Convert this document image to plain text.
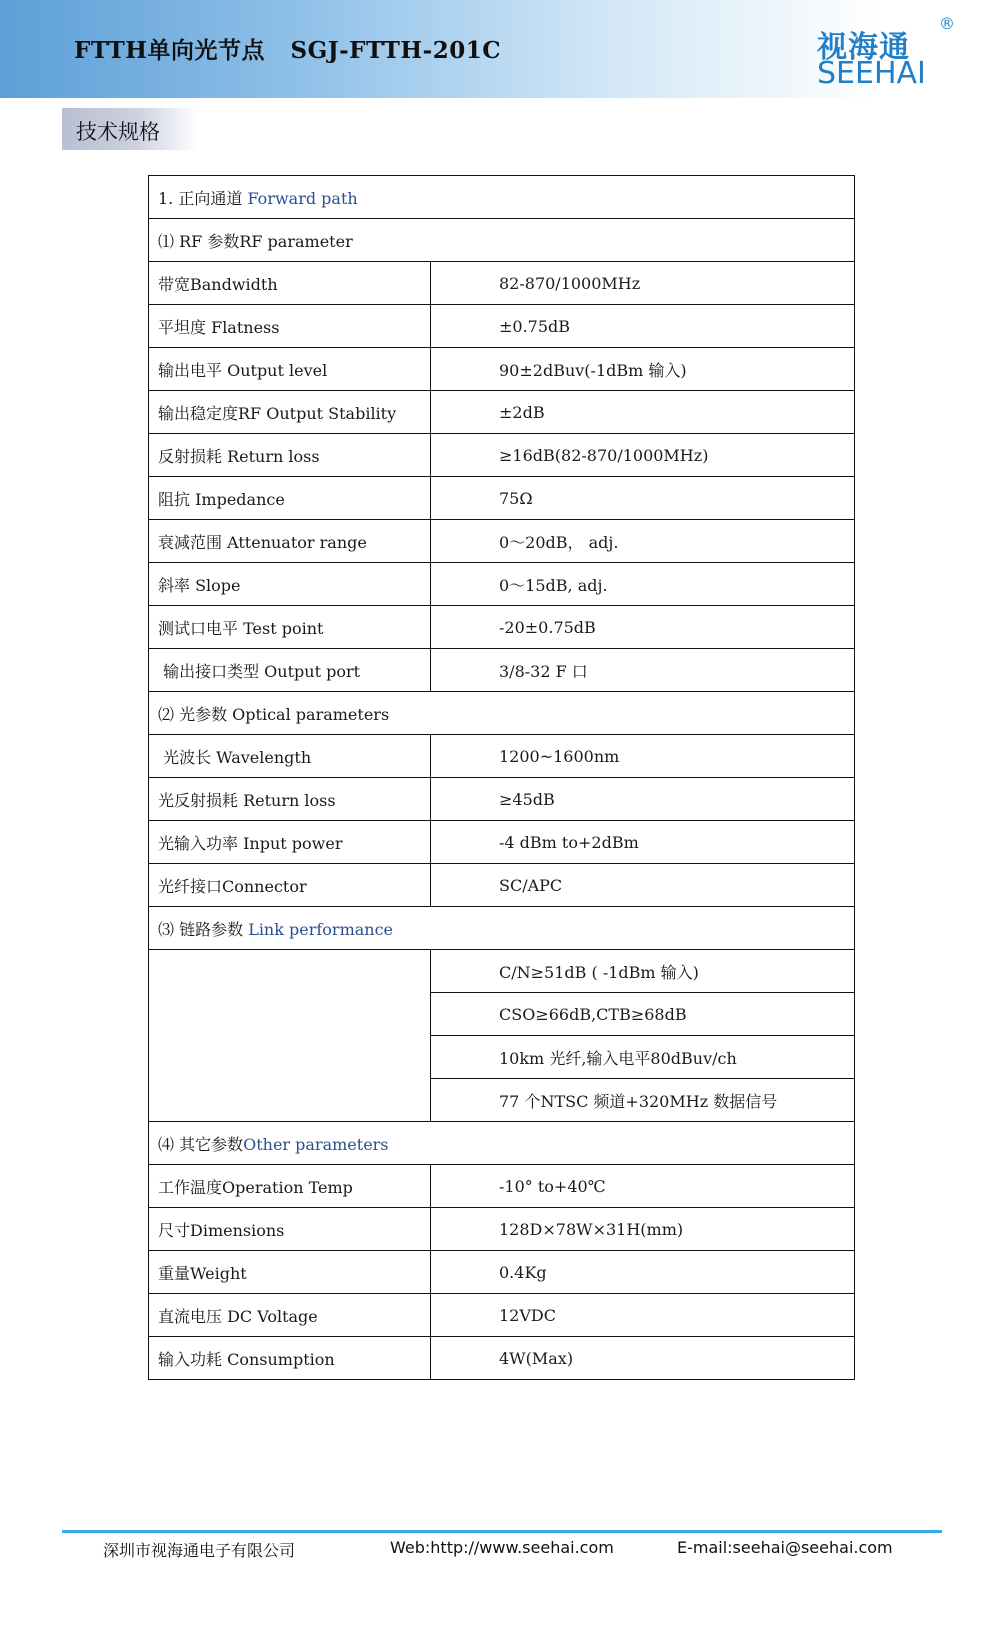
FTTH单向光节点   SGJ-FTTH-201C	视海通
®
SEEHAI
技术规格
1. 正向通道 Forward path	
⑴ RF 参数RF parameter	
带宽Bandwidth	82-870/1000MHz
平坦度 Flatness	±0.75dB
输出电平 Output level	90±2dBuv(-1dBm 输入)
输出稳定度RF Output Stability	±2dB
反射损耗 Return loss	≥16dB(82-870/1000MHz)
阻抗 Impedance	75Ω
衰减范围 Attenuator range	0～20dB， adj.
斜率 Slope	0～15dB, adj.
测试口电平 Test point	-20±0.75dB
输出接口类型 Output port	3/8-32 F 口
⑵ 光参数 Optical parameters	
光波长 Wavelength	1200~1600nm
光反射损耗 Return loss	≥45dB
光输入功率 Input power	-4 dBm to+2dBm
光纤接口Connector	SC/APC
⑶ 链路参数 Link performance	
	C/N≥51dB ( -1dBm 输入)
	CSO≥66dB,CTB≥68dB
	10km 光纤,输入电平80dBuv/ch
	77 个NTSC 频道+320MHz 数据信号
⑷ 其它参数Other parameters	
工作温度Operation Temp	-10° to+40℃
尺寸Dimensions	128D×78W×31H(mm)
重量Weight	0.4Kg
直流电压 DC Voltage	12VDC
输入功耗 Consumption	4W(Max)
深圳市视海通电子有限公司	Web:http://www.seehai.com	E-mail:seehai@seehai.com
